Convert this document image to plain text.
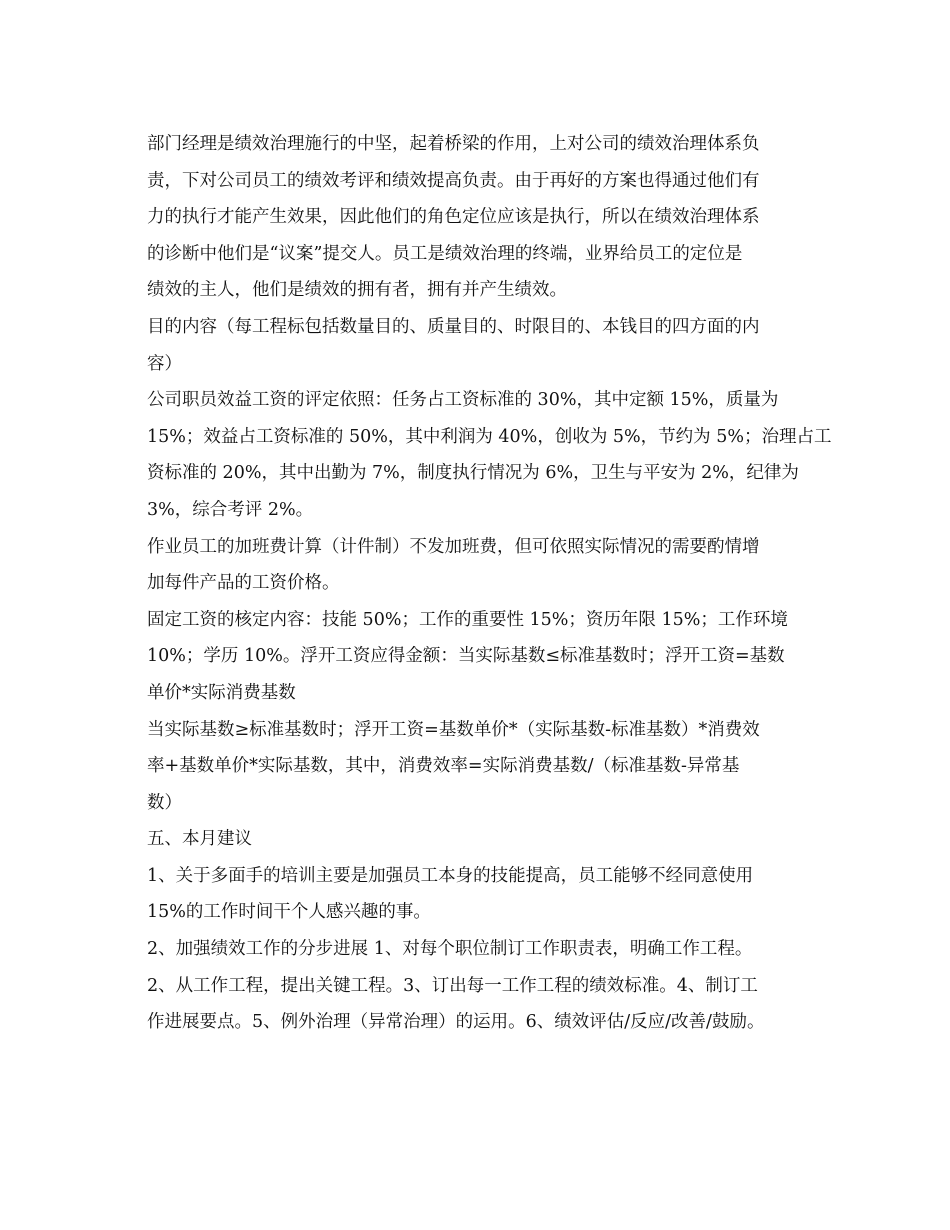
部门经理是绩效治理施行的中坚，起着桥梁的作用，上对公司的绩效治理体系负
责，下对公司员工的绩效考评和绩效提高负责。由于再好的方案也得通过他们有
力的执行才能产生效果，因此他们的角色定位应该是执行，所以在绩效治理体系
的诊断中他们是“议案”提交人。员工是绩效治理的终端，业界给员工的定位是
绩效的主人，他们是绩效的拥有者，拥有并产生绩效。

目的内容（每工程标包括数量目的、质量目的、时限目的、本钱目的四方面的内
容）

公司职员效益工资的评定依照：任务占工资标准的 30%，其中定额 15%，质量为
15%；效益占工资标准的 50%，其中利润为 40%，创收为 5%，节约为 5%；治理占工
资标准的 20%，其中出勤为 7%，制度执行情况为 6%，卫生与平安为 2%，纪律为
3%，综合考评 2%。

作业员工的加班费计算（计件制）不发加班费，但可依照实际情况的需要酌情增
加每件产品的工资价格。

固定工资的核定内容：技能 50%；工作的重要性 15%；资历年限 15%；工作环境
10%；学历 10%。浮开工资应得金额：当实际基数≤标准基数时；浮开工资=基数
单价*实际消费基数

当实际基数≥标准基数时；浮开工资=基数单价*（实际基数-标准基数）*消费效
率+基数单价*实际基数，其中，消费效率=实际消费基数/（标准基数-异常基
数）

五、本月建议

1、关于多面手的培训主要是加强员工本身的技能提高，员工能够不经同意使用
15%的工作时间干个人感兴趣的事。

2、加强绩效工作的分步进展 1、对每个职位制订工作职责表，明确工作工程。

2、从工作工程，提出关键工程。3、订出每一工作工程的绩效标准。4、制订工
作进展要点。5、例外治理（异常治理）的运用。6、绩效评估/反应/改善/鼓励。
